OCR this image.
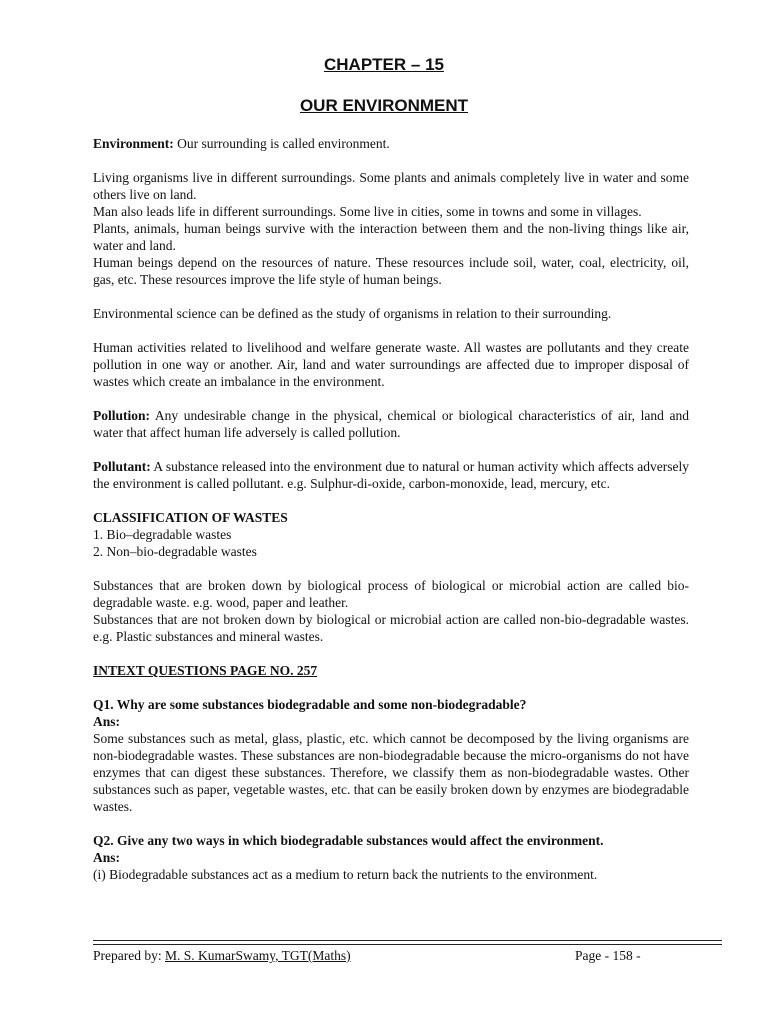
CHAPTER – 15
OUR ENVIRONMENT

Environment: Our surrounding is called environment.

Living organisms live in different surroundings. Some plants and animals completely live in water and some others live on land.

Man also leads life in different surroundings. Some live in cities, some in towns and some in villages.

Plants, animals, human beings survive with the interaction between them and the non-living things like air, water and land.

Human beings depend on the resources of nature. These resources include soil, water, coal, electricity, oil, gas, etc. These resources improve the life style of human beings.

Environmental science can be defined as the study of organisms in relation to their surrounding.

Human activities related to livelihood and welfare generate waste. All wastes are pollutants and they create pollution in one way or another. Air, land and water surroundings are affected due to improper disposal of wastes which create an imbalance in the environment.

Pollution: Any undesirable change in the physical, chemical or biological characteristics of air, land and water that affect human life adversely is called pollution.

Pollutant: A substance released into the environment due to natural or human activity which affects adversely the environment is called pollutant. e.g. Sulphur-di-oxide, carbon-monoxide, lead, mercury, etc.

CLASSIFICATION OF WASTES

1. Bio–degradable wastes

2. Non–bio-degradable wastes

Substances that are broken down by biological process of biological or microbial action are called bio-degradable waste. e.g. wood, paper and leather.

Substances that are not broken down by biological or microbial action are called non-bio-degradable wastes. e.g. Plastic substances and mineral wastes.

INTEXT QUESTIONS PAGE NO. 257

Q1. Why are some substances biodegradable and some non-biodegradable?

Ans:

Some substances such as metal, glass, plastic, etc. which cannot be decomposed by the living organisms are non-biodegradable wastes. These substances are non-biodegradable because the micro-organisms do not have enzymes that can digest these substances. Therefore, we classify them as non-biodegradable wastes. Other substances such as paper, vegetable wastes, etc. that can be easily broken down by enzymes are biodegradable wastes.

Q2. Give any two ways in which biodegradable substances would affect the environment.

Ans:

(i) Biodegradable substances act as a medium to return back the nutrients to the environment.

Prepared by: M. S. KumarSwamy, TGT(Maths)	Page - 158 -
